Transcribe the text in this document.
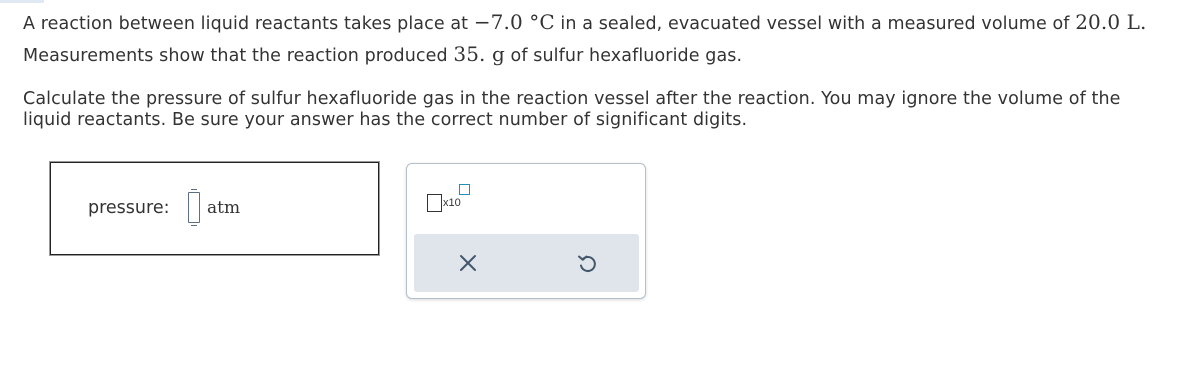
A reaction between liquid reactants takes place at −7.0 °C in a sealed, evacuated vessel with a measured volume of 20.0 L.
Measurements show that the reaction produced 35. g of sulfur hexafluoride gas.
Calculate the pressure of sulfur hexafluoride gas in the reaction vessel after the reaction. You may ignore the volume of the
liquid reactants. Be sure your answer has the correct number of significant digits.
pressure: atm	x10
